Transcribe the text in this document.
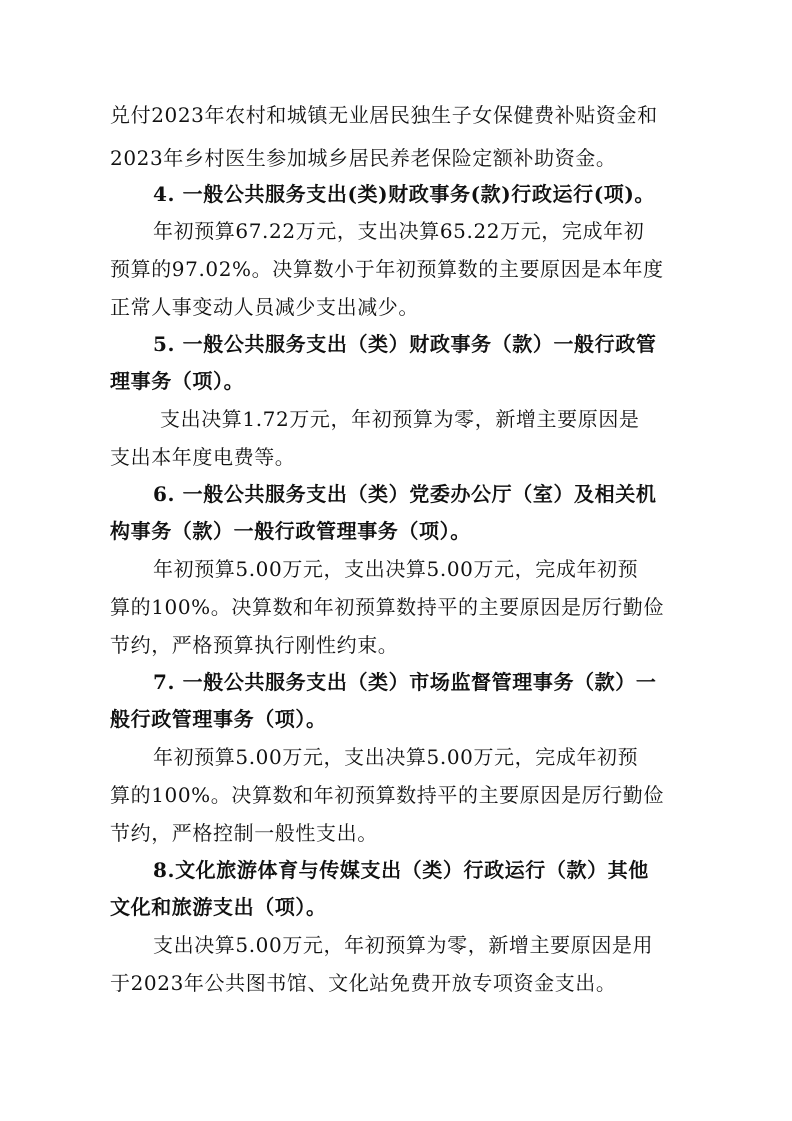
兑付2023年农村和城镇无业居民独生子女保健费补贴资金和
2023年乡村医生参加城乡居民养老保险定额补助资金。
4. 一般公共服务支出(类)财政事务(款)行政运行(项)。
年初预算67.22万元，支出决算65.22万元，完成年初
预算的97.02%。决算数小于年初预算数的主要原因是本年度
正常人事变动人员减少支出减少。
5. 一般公共服务支出（类）财政事务（款）一般行政管
理事务（项）。
支出决算1.72万元，年初预算为零，新增主要原因是
支出本年度电费等。
6. 一般公共服务支出（类）党委办公厅（室）及相关机
构事务（款）一般行政管理事务（项）。
年初预算5.00万元，支出决算5.00万元，完成年初预
算的100%。决算数和年初预算数持平的主要原因是厉行勤俭
节约，严格预算执行刚性约束。
7. 一般公共服务支出（类）市场监督管理事务（款）一
般行政管理事务（项）。
年初预算5.00万元，支出决算5.00万元，完成年初预
算的100%。决算数和年初预算数持平的主要原因是厉行勤俭
节约，严格控制一般性支出。
8.文化旅游体育与传媒支出（类）行政运行（款）其他
文化和旅游支出（项）。
支出决算5.00万元，年初预算为零，新增主要原因是用
于2023年公共图书馆、文化站免费开放专项资金支出。
